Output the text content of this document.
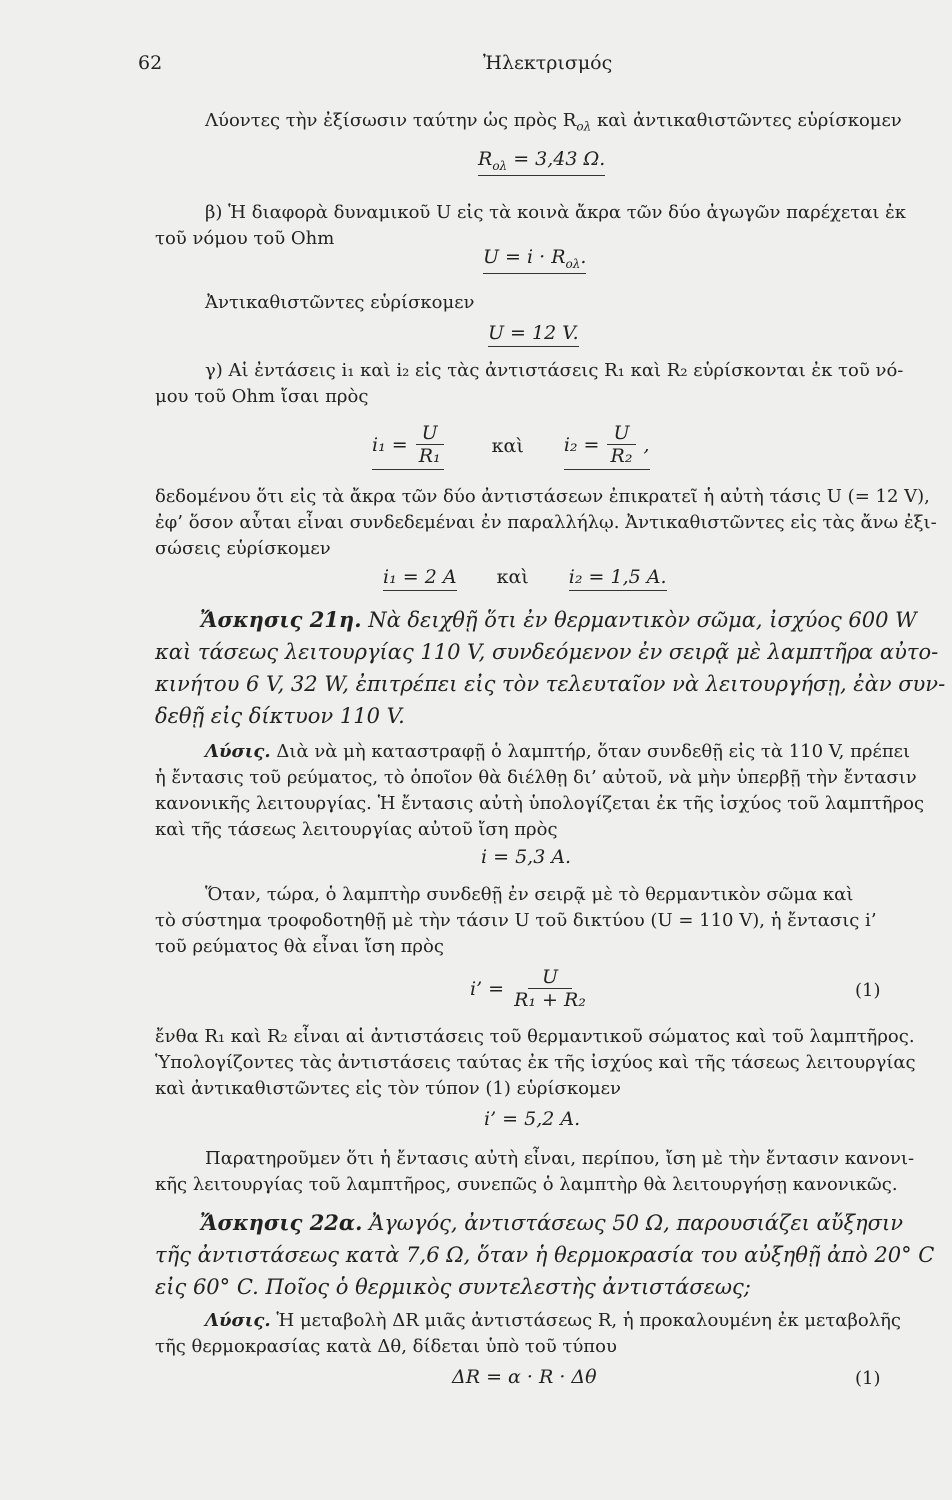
62	Ἠλεκτρισμός
Λύοντες τὴν ἐξίσωσιν ταύτην ὡς πρὸς $R_{o\lambda}$ καὶ ἀντικαθιστῶντες εὑρίσκομεν
$R_{o\lambda} = 3,43$ Ω.
β) Ἡ διαφορὰ δυναμικοῦ U εἰς τὰ κοινὰ ἄκρα τῶν δύο ἀγωγῶν παρέχεται ἐκ
τοῦ νόμου τοῦ Ohm
$U = i \cdot R_{o\lambda}$.
Ἀντικαθιστῶντες εὑρίσκομεν
U = 12 V.
γ) Αἱ ἐντάσεις i₁ καὶ i₂ εἰς τὰς ἀντιστάσεις R₁ καὶ R₂ εὑρίσκονται ἐκ τοῦ νό-
μου τοῦ Ohm ἴσαι πρὸς
$i_1 = \frac{U}{\text{R₁}}$	καὶ $i_2 = \frac{U}{\text{R₂}}$ ,
δεδομένου ὅτι εἰς τὰ ἄκρα τῶν δύο ἀντιστάσεων ἐπικρατεῖ ἡ αὐτὴ τάσις U (= 12 V),
ἐφ’ ὅσον αὗται εἶναι συνδεδεμέναι ἐν παραλλήλῳ. Ἀντικαθιστῶντες εἰς τὰς ἄνω ἐξι-
σώσεις εὑρίσκομεν
i₁ = 2 A καὶ i₂ = 1,5 A.
Ἄσκησις 21η. Νὰ δειχθῇ ὅτι ἐν θερμαντικὸν σῶμα, ἰσχύος 600 W
καὶ τάσεως λειτουργίας 110 V, συνδεόμενον ἐν σειρᾷ μὲ λαμπτῆρα αὐτο-
κινήτου 6 V, 32 W, ἐπιτρέπει εἰς τὸν τελευταῖον νὰ λειτουργήσῃ, ἐὰν συν-
δεθῇ εἰς δίκτυον 110 V.
Λύσις. Διὰ νὰ μὴ καταστραφῇ ὁ λαμπτήρ, ὅταν συνδεθῇ εἰς τὰ 110 V, πρέπει
ἡ ἔντασις τοῦ ρεύματος, τὸ ὁποῖον θὰ διέλθῃ δι’ αὐτοῦ, νὰ μὴν ὑπερβῇ τὴν ἔντασιν
κανονικῆς λειτουργίας. Ἡ ἔντασις αὐτὴ ὑπολογίζεται ἐκ τῆς ἰσχύος τοῦ λαμπτῆρος
καὶ τῆς τάσεως λειτουργίας αὐτοῦ ἴση πρὸς
i = 5,3 A.
Ὅταν, τώρα, ὁ λαμπτὴρ συνδεθῇ ἐν σειρᾷ μὲ τὸ θερμαντικὸν σῶμα καὶ
τὸ σύστημα τροφοδοτηθῇ μὲ τὴν τάσιν U τοῦ δικτύου (U = 110 V), ἡ ἔντασις i’
τοῦ ρεύματος θὰ εἶναι ἴση πρὸς
i’ = $\frac{U}{\text{R₁ + R₂}}$	(1)
ἔνθα R₁ καὶ R₂ εἶναι αἱ ἀντιστάσεις τοῦ θερμαντικοῦ σώματος καὶ τοῦ λαμπτῆρος.
Ὑπολογίζοντες τὰς ἀντιστάσεις ταύτας ἐκ τῆς ἰσχύος καὶ τῆς τάσεως λειτουργίας
καὶ ἀντικαθιστῶντες εἰς τὸν τύπον (1) εὑρίσκομεν
i’ = 5,2 A.
Παρατηροῦμεν ὅτι ἡ ἔντασις αὐτὴ εἶναι, περίπου, ἴση μὲ τὴν ἔντασιν κανονι-
κῆς λειτουργίας τοῦ λαμπτῆρος, συνεπῶς ὁ λαμπτὴρ θὰ λειτουργήσῃ κανονικῶς.
Ἄσκησις 22α. Ἀγωγός, ἀντιστάσεως 50 Ω, παρουσιάζει αὔξησιν
τῆς ἀντιστάσεως κατὰ 7,6 Ω, ὅταν ἡ θερμοκρασία του αὐξηθῇ ἀπὸ 20° C
εἰς 60° C. Ποῖος ὁ θερμικὸς συντελεστὴς ἀντιστάσεως;
Λύσις. Ἡ μεταβολὴ ΔR μιᾶς ἀντιστάσεως R, ἡ προκαλουμένη ἐκ μεταβολῆς
τῆς θερμοκρασίας κατὰ Δθ, δίδεται ὑπὸ τοῦ τύπου
ΔR = α · R · Δθ	(1)
